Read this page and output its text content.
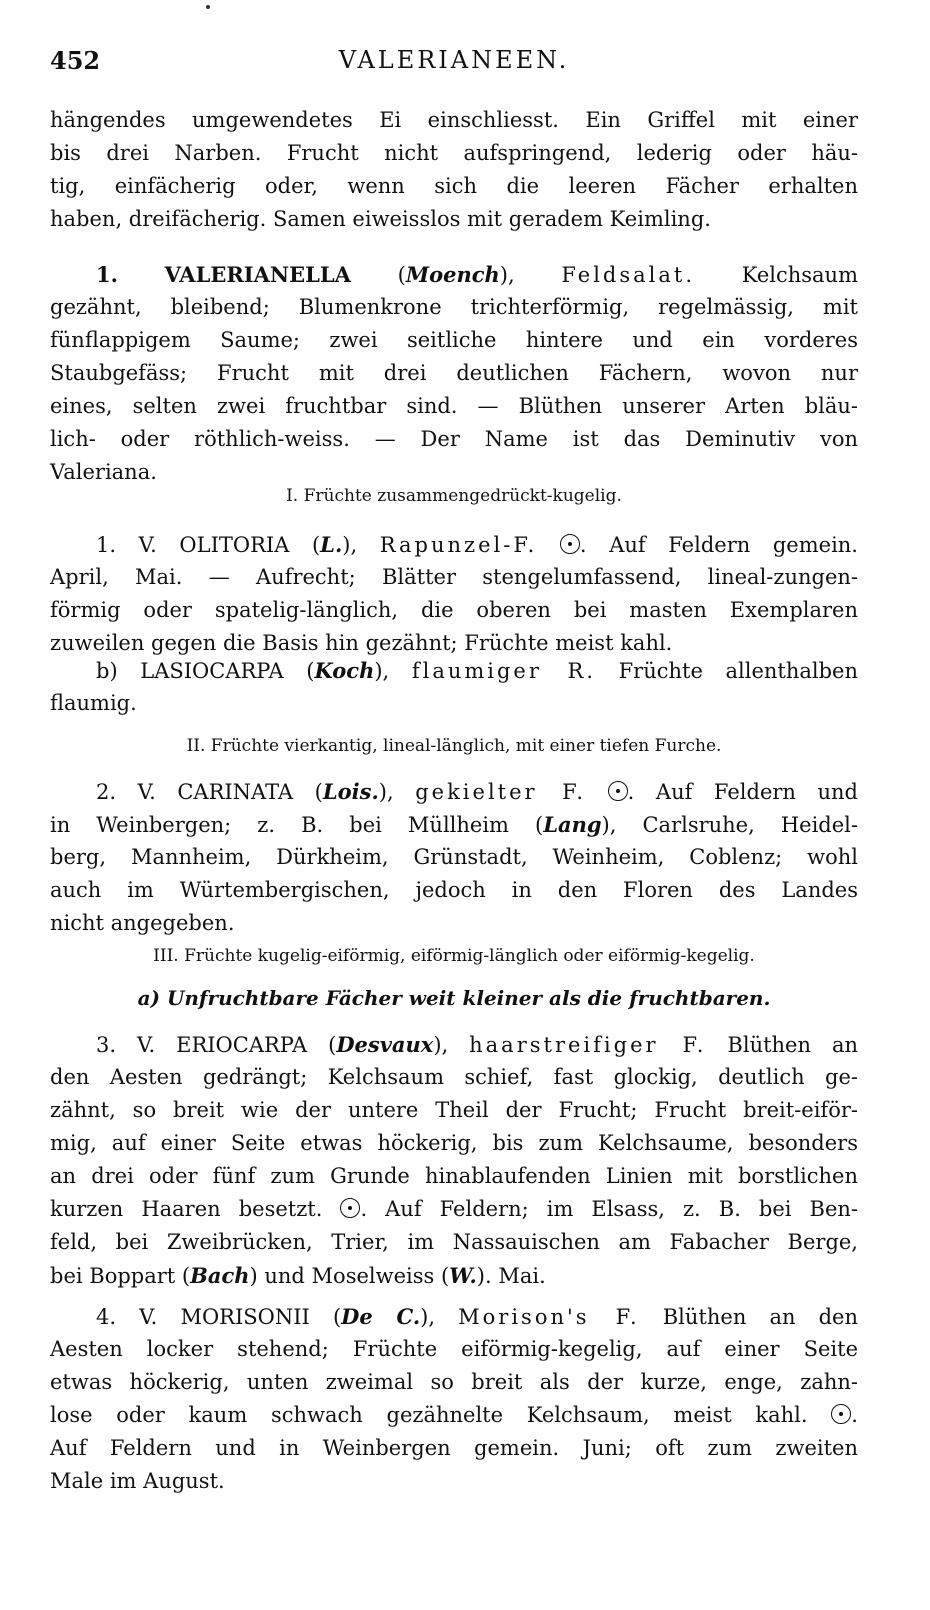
452	VALERIANEEN.
hängendes umgewendetes Ei einschliesst. Ein Griffel mit einer
bis drei Narben. Frucht nicht aufspringend, lederig oder häu-
tig, einfächerig oder, wenn sich die leeren Fächer erhalten
haben, dreifächerig. Samen eiweisslos mit geradem Keimling.
1. VALERIANELLA (Moench), Feldsalat. Kelchsaum
gezähnt, bleibend; Blumenkrone trichterförmig, regelmässig, mit
fünflappigem Saume; zwei seitliche hintere und ein vorderes
Staubgefäss; Frucht mit drei deutlichen Fächern, wovon nur
eines, selten zwei fruchtbar sind. — Blüthen unserer Arten bläu-
lich- oder röthlich-weiss. — Der Name ist das Deminutiv von
Valeriana.
I. Früchte zusammengedrückt-kugelig.
1. V. OLITORIA (L.), Rapunzel-F. . Auf Feldern gemein.
April, Mai. — Aufrecht; Blätter stengelumfassend, lineal-zungen-
förmig oder spatelig-länglich, die oberen bei masten Exemplaren
zuweilen gegen die Basis hin gezähnt; Früchte meist kahl.
b) LASIOCARPA (Koch), flaumiger R. Früchte allenthalben
flaumig.
II. Früchte vierkantig, lineal-länglich, mit einer tiefen Furche.
2. V. CARINATA (Lois.), gekielter F. . Auf Feldern und
in Weinbergen; z. B. bei Müllheim (Lang), Carlsruhe, Heidel-
berg, Mannheim, Dürkheim, Grünstadt, Weinheim, Coblenz; wohl
auch im Würtembergischen, jedoch in den Floren des Landes
nicht angegeben.
III. Früchte kugelig-eiförmig, eiförmig-länglich oder eiförmig-kegelig.
a) Unfruchtbare Fächer weit kleiner als die fruchtbaren.
3. V. ERIOCARPA (Desvaux), haarstreifiger F. Blüthen an
den Aesten gedrängt; Kelchsaum schief, fast glockig, deutlich ge-
zähnt, so breit wie der untere Theil der Frucht; Frucht breit-eiför-
mig, auf einer Seite etwas höckerig, bis zum Kelchsaume, besonders
an drei oder fünf zum Grunde hinablaufenden Linien mit borstlichen
kurzen Haaren besetzt. . Auf Feldern; im Elsass, z. B. bei Ben-
feld, bei Zweibrücken, Trier, im Nassauischen am Fabacher Berge,
bei Boppart (Bach) und Moselweiss (W.). Mai.
4. V. MORISONII (De C.), Morison's F. Blüthen an den
Aesten locker stehend; Früchte eiförmig-kegelig, auf einer Seite
etwas höckerig, unten zweimal so breit als der kurze, enge, zahn-
lose oder kaum schwach gezähnelte Kelchsaum, meist kahl. .
Auf Feldern und in Weinbergen gemein. Juni; oft zum zweiten
Male im August.
